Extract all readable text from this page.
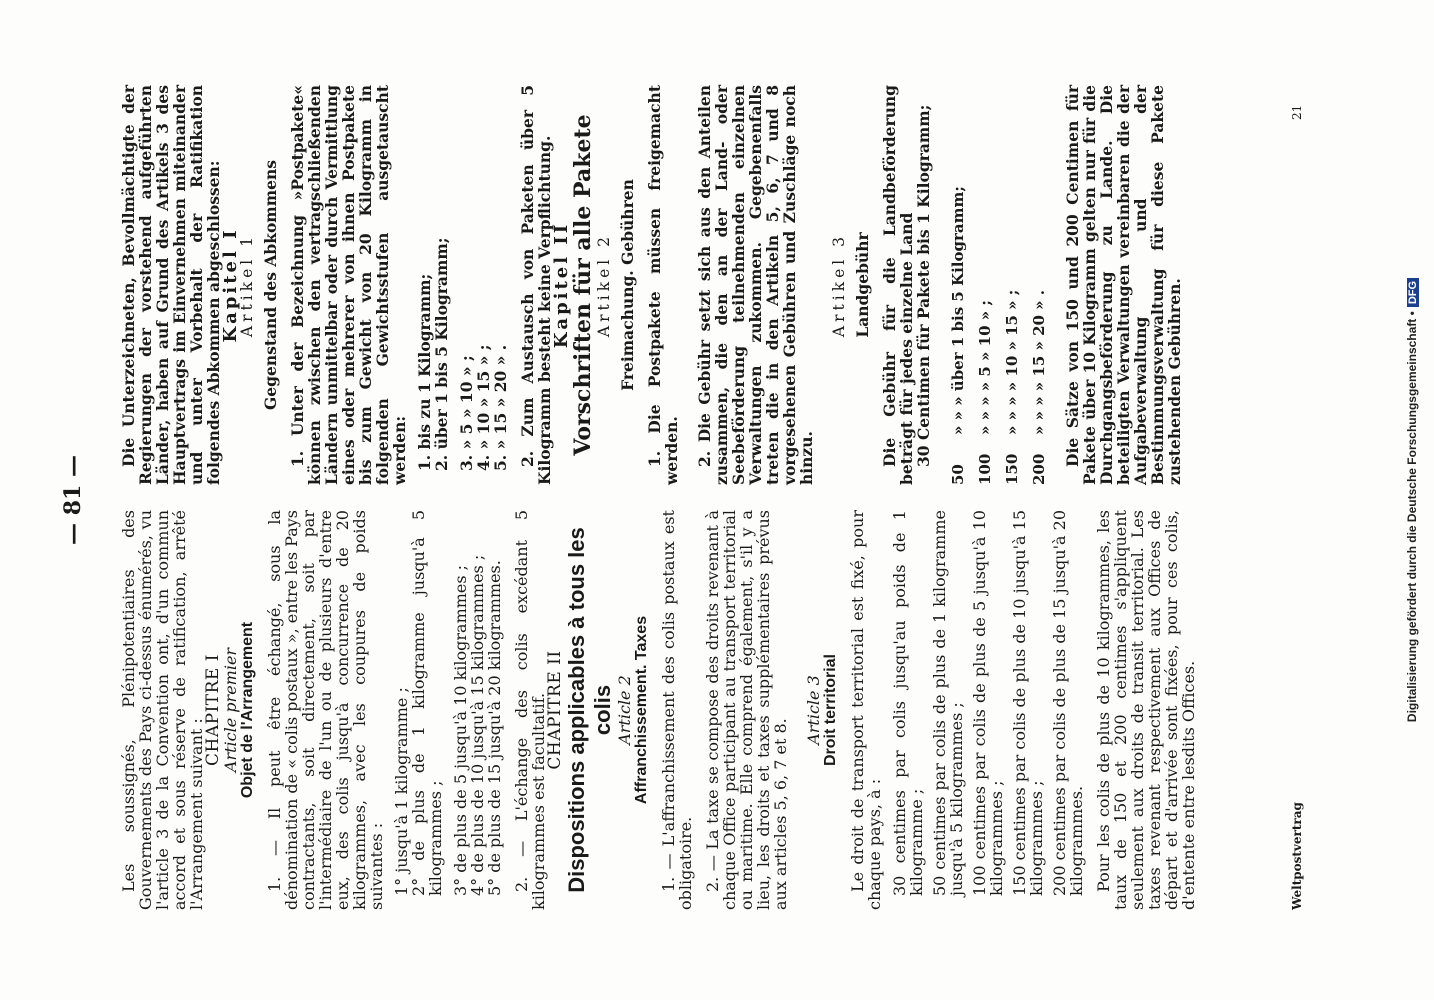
— 81 —

Les soussignés, Plénipotentiaires des Gouvernements des Pays ci-dessus énumérés, vu l'article 3 de la Convention ont, d'un commun accord et sous réserve de ratification, arrêté l'Arrangement suivant :

CHAPITRE I

Article premier Objet de l'Arrangement 1. — Il peut être échangé, sous la dénomination de « colis postaux », entre les Pays contractants, soit directement, soit par l'intermédiaire de l'un ou de plusieurs d'entre eux, des colis jusqu'à concurrence de 20 kilogrammes, avec les coupures de poids suivantes : 1° jusqu'à 1 kilogramme ;
2° de plus de 1 kilogramme jusqu'à 5 kilogrammes ; 3° de plus de 5 jusqu'à 10 kilogrammes ;
4° de plus de 10 jusqu'à 15 kilogrammes ;
5° de plus de 15 jusqu'à 20 kilogrammes. 2. — L'échange des colis excédant 5 kilogrammes est facultatif.

CHAPITRE II Dispositions applicables à tous les colis Article 2 Affranchissement. Taxes 1. — L'affranchissement des colis postaux est obligatoire. 2. — La taxe se compose des droits revenant à chaque Office participant au transport territorial ou maritime. Elle comprend également, s'il y a lieu, les droits et taxes supplémentaires prévus aux articles 5, 6, 7 et 8.

Article 3 Droit territorial Le droit de transport territorial est fixé, pour chaque pays, à : 30 centimes par colis jusqu'au poids de 1 kilogramme ; 50 centimes par colis de plus de 1 kilogramme jusqu'à 5 kilogrammes ; 100 centimes par colis de plus de 5 jusqu'à 10 kilogrammes ; 150 centimes par colis de plus de 10 jusqu'à 15 kilogrammes ; 200 centimes par colis de plus de 15 jusqu'à 20 kilogrammes. Pour les colis de plus de 10 kilogrammes, les taux de 150 et 200 centimes s'appliquent seulement aux droits de transit territorial. Les taxes revenant respectivement aux Offices de départ et d'arrivée sont fixées, pour ces colis, d'entente entre lesdits Offices.

Die Unterzeichneten, Bevollmächtigte der Regierungen der vorstehend aufgeführten Länder, haben auf Grund des Artikels 3 des Hauptvertrags im Einvernehmen miteinander und unter Vorbehalt der Ratifikation folgendes Abkommen abgeschlossen:

Kapitel I

Artikel 1 Gegenstand des Abkommens 1. Unter der Bezeichnung »Postpakete« können zwischen den vertragschließenden Ländern unmittelbar oder durch Vermittlung eines oder mehrerer von ihnen Postpakete bis zum Gewicht von 20 Kilogramm in folgenden Gewichtsstufen ausgetauscht werden: 1. bis zu 1 Kilogramm;
2. über 1 bis 5 Kilogramm; 3. » 5 » 10 » ;
4. » 10 » 15 » ;
5. » 15 » 20 » . 2. Zum Austausch von Paketen über 5 Kilogramm besteht keine Verpflichtung.

Kapitel II

Vorschriften für alle Pakete Artikel 2 Freimachung. Gebühren 1. Die Postpakete müssen freigemacht werden. 2. Die Gebühr setzt sich aus den Anteilen zusammen, die den an der Land- oder Seebeförderung teilnehmenden einzelnen Verwaltungen zukommen. Gegebenenfalls treten die in den Artikeln 5, 6, 7 und 8 vorgesehenen Gebühren und Zuschläge noch hinzu.

Artikel 3 Landgebühr Die Gebühr für die Landbeförderung beträgt für jedes einzelne Land

30 Centimen für Pakete bis 1 Kilogramm;
50	» » » über 1 bis 5 Kilogramm;
100	» » » » 5 » 10 » ;
150	» » » » 10 » 15 » ;
200	» » » » 15 » 20 » . Die Sätze von 150 und 200 Centimen für Pakete über 10 Kilogramm gelten nur für die Durchgangsbeförderung zu Lande. Die beteiligten Verwaltungen vereinbaren die der Aufgabeverwaltung und der Bestimmungsverwaltung für diese Pakete zustehenden Gebühren.

Weltpostvertrag
21
Digitalisierung gefördert durch die Deutsche Forschungsgemeinschaft •DFG
